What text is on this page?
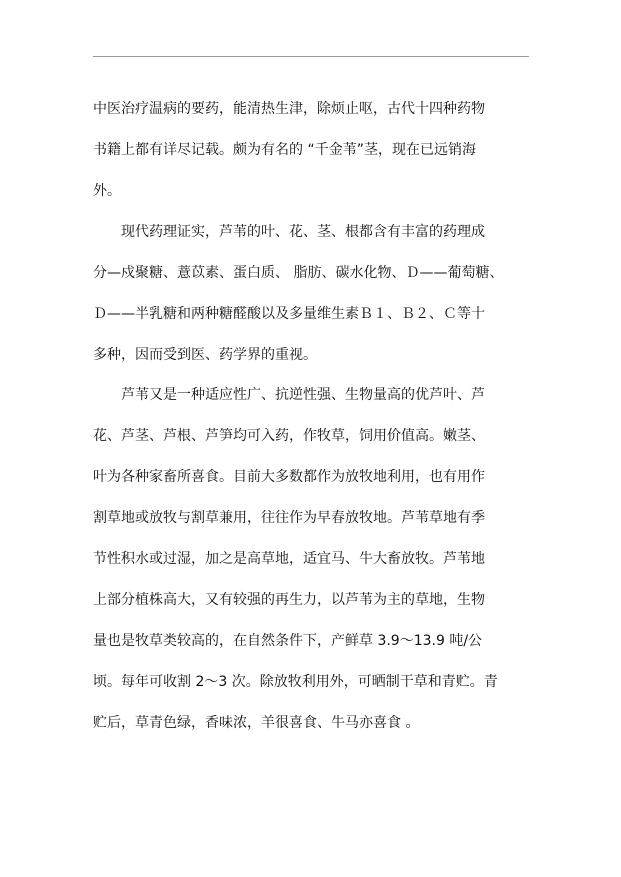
中医治疗温病的要药，能清热生津，除烦止呕，古代十四种药物
书籍上都有详尽记载。颇为有名的 “千金苇”茎，现在已远销海
外。
现代药理证实，芦苇的叶、花、茎、根都含有丰富的药理成
分—戍聚糖、薏苡素、蛋白质、 脂肪、碳水化物、Ｄ——葡萄糖、
Ｄ——半乳糖和两种糖醛酸以及多量维生素Ｂ１、Ｂ２、Ｃ等十
多种，因而受到医、药学界的重视。
芦苇又是一种适应性广、抗逆性强、生物量高的优芦叶、芦
花、芦茎、芦根、芦笋均可入药，作牧草，饲用价值高。嫩茎、
叶为各种家畜所喜食。目前大多数都作为放牧地利用，也有用作
割草地或放牧与割草兼用，往往作为早春放牧地。芦苇草地有季
节性积水或过湿，加之是高草地，适宜马、牛大畜放牧。芦苇地
上部分植株高大，又有较强的再生力，以芦苇为主的草地，生物
量也是牧草类较高的，在自然条件下，产鲜草 3.9～13.9 吨/公
顷。每年可收割 2～3 次。除放牧利用外，可晒制干草和青贮。青
贮后，草青色绿，香味浓，羊很喜食、牛马亦喜食 。
